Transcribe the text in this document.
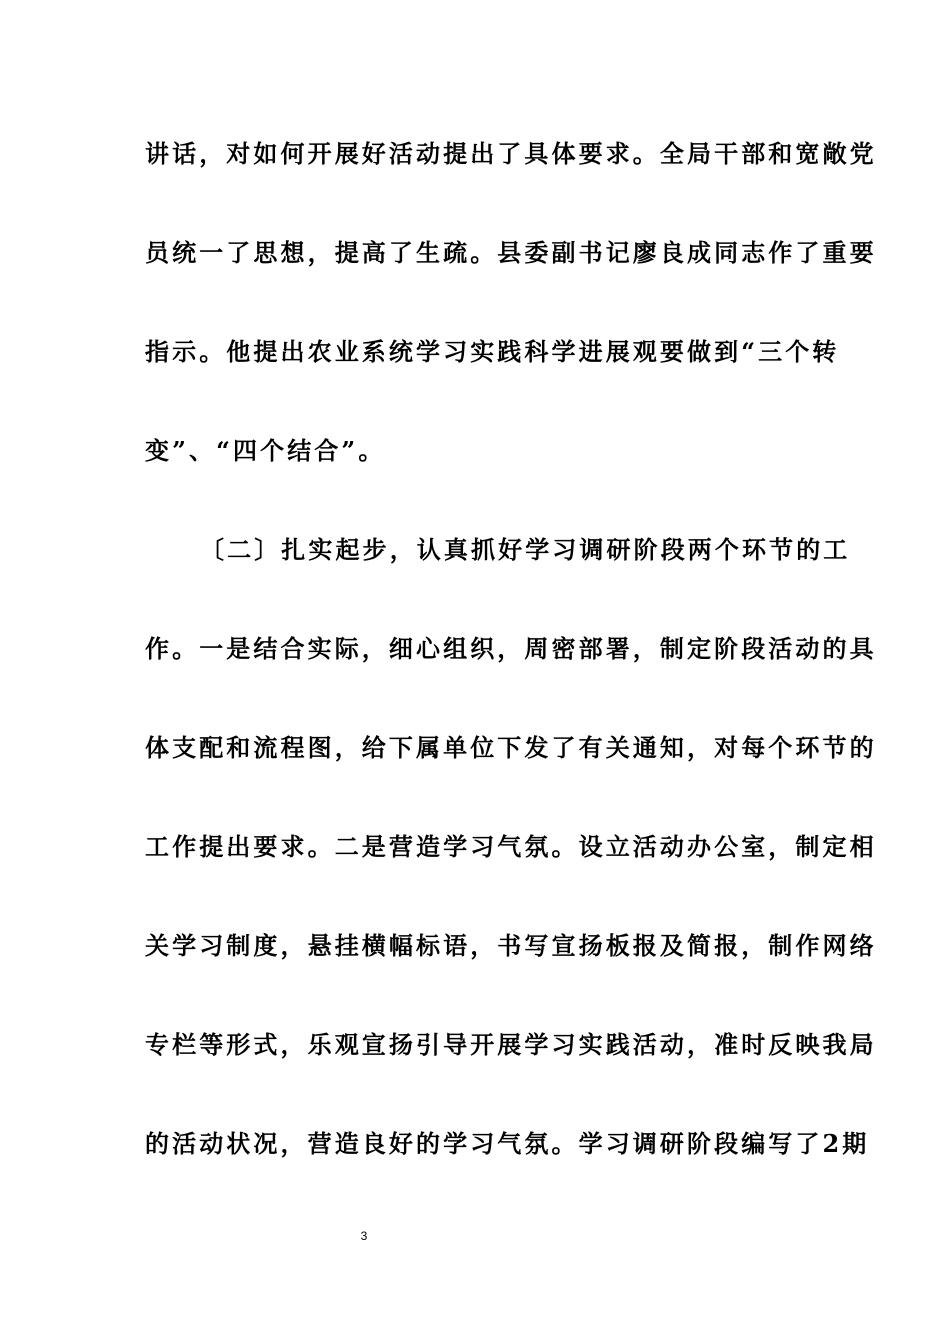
讲话，对如何开展好活动提出了具体要求。全局干部和宽敞党
员统一了思想，提高了生疏。县委副书记廖良成同志作了重要
指示。他提出农业系统学习实践科学进展观要做到“三个转
变”、“四个结合”。
〔二〕扎实起步，认真抓好学习调研阶段两个环节的工
作。一是结合实际，细心组织，周密部署，制定阶段活动的具
体支配和流程图，给下属单位下发了有关通知，对每个环节的
工作提出要求。二是营造学习气氛。设立活动办公室，制定相
关学习制度，悬挂横幅标语，书写宣扬板报及简报，制作网络
专栏等形式，乐观宣扬引导开展学习实践活动，准时反映我局
的活动状况，营造良好的学习气氛。学习调研阶段编写了2期
3
